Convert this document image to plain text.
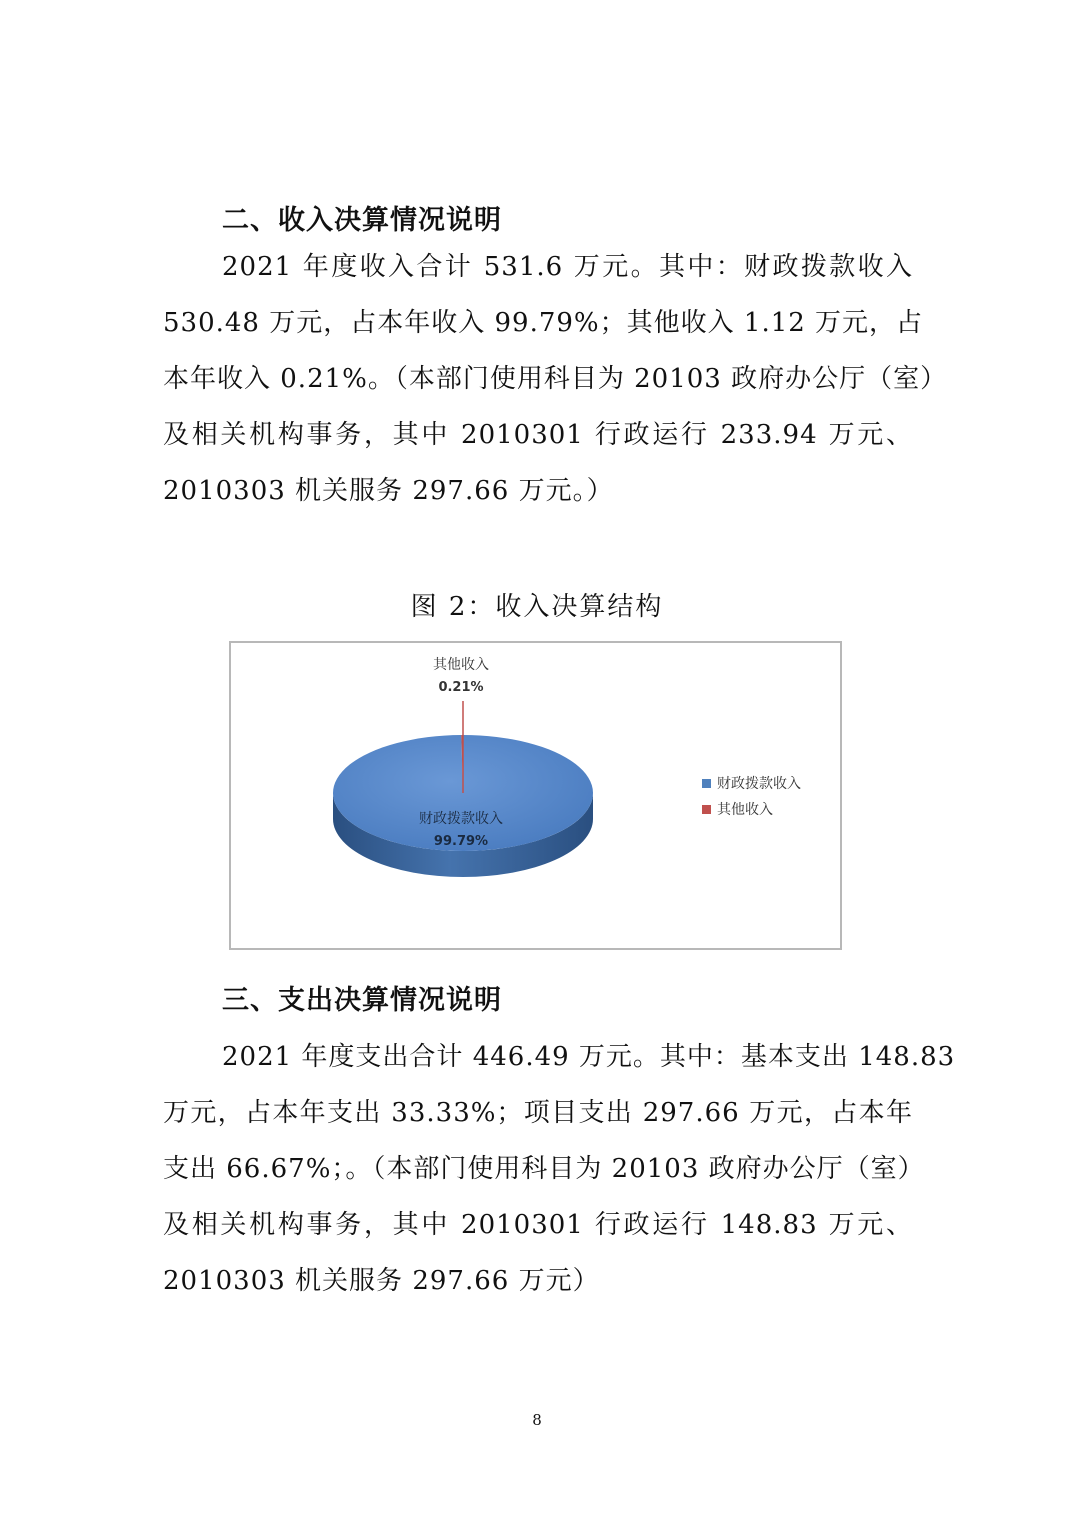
二、收入决算情况说明
2021 年度收入合计 531.6 万元。其中：财政拨款收入
530.48 万元，占本年收入 99.79%；其他收入 1.12 万元，占
本年收入 0.21%。（本部门使用科目为 20103 政府办公厅（室）
及相关机构事务，其中 2010301 行政运行 233.94 万元、
2010303 机关服务 297.66 万元。）
图 2：收入决算结构
其他收入
0.21%
财政拨款收入
99.79%
财政拨款收入
其他收入
三、支出决算情况说明
2021 年度支出合计 446.49 万元。其中：基本支出 148.83
万元，占本年支出 33.33%；项目支出 297.66 万元，占本年
支出 66.67%；。（本部门使用科目为 20103 政府办公厅（室）
及相关机构事务，其中 2010301 行政运行 148.83 万元、
2010303 机关服务 297.66 万元）
8
